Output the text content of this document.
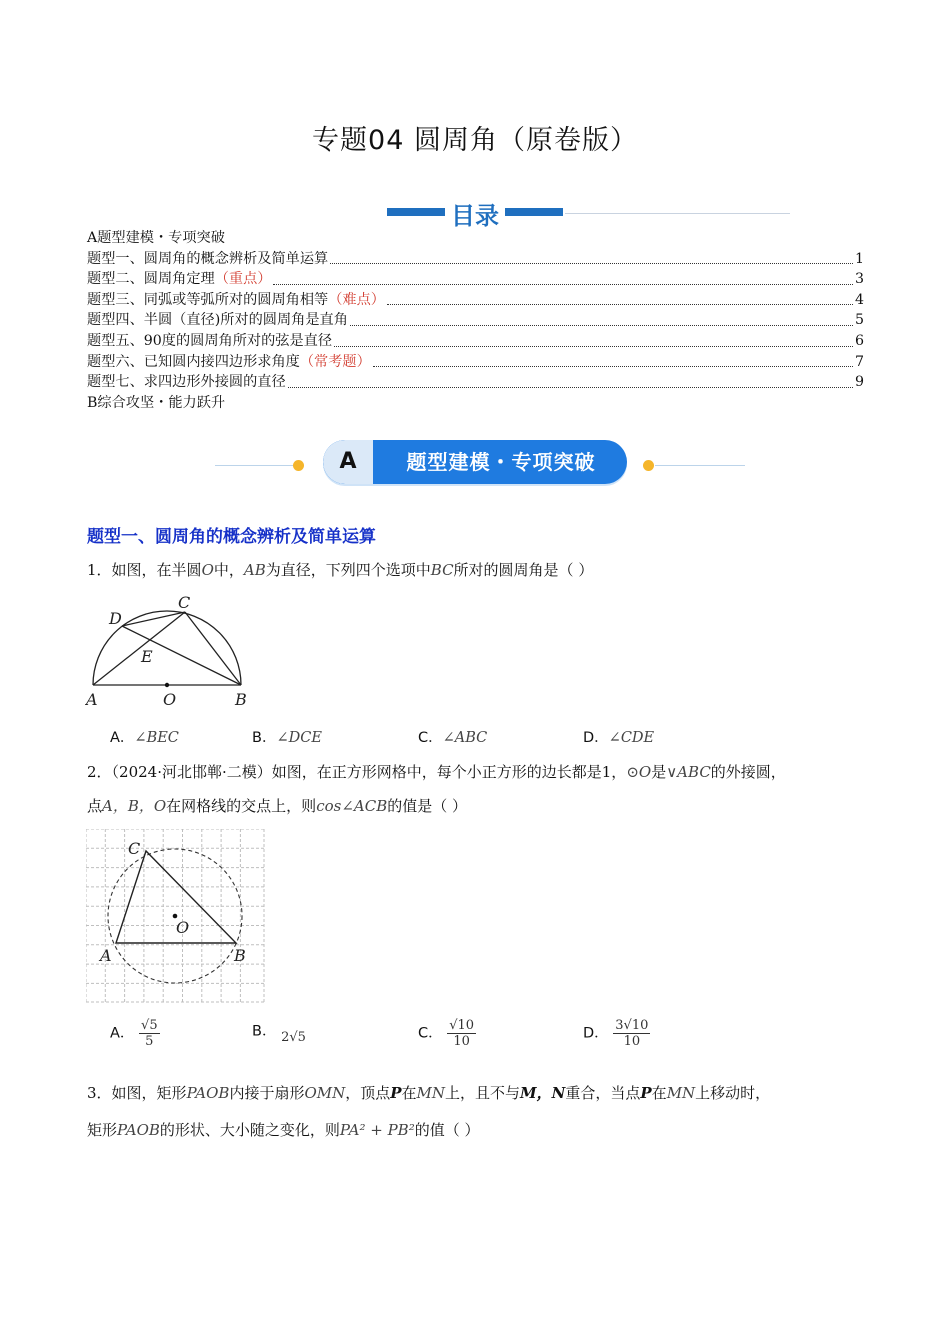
专题04 圆周角（原卷版）
目录
A题型建模・专项突破
题型一、圆周角的概念辨析及简单运算	1
题型二、圆周角定理 （重点）	3
题型三、同弧或等弧所对的圆周角相等 （难点）	4
题型四、半圆（直径)所对的圆周角是直角	5
题型五、90度的圆周角所对的弦是直径	6
题型六、已知圆内接四边形求角度 （常考题）	7
题型七、求四边形外接圆的直径	9
B综合攻坚・能力跃升
A	题型建模・专项突破
题型一、圆周角的概念辨析及简单运算
1．如图，在半圆O中，AB为直径，下列四个选项中BC所对的圆周角是（ ）
A	B
C
D
E
O
A．∠BEC	B．∠DCE	C．∠ABC	D．∠CDE
2．（2024·河北邯郸·二模）如图，在正方形网格中，每个小正方形的边长都是1，⊙O是∨ABC的外接圆，
点A，B，O在网格线的交点上，则cos∠ACB的值是（ ）
A	B
C
O
A． $\frac{√5}{5}$	B． 2√5	C． $\frac{√10}{10}$	D． $\frac{3√10}{10}$
3．如图，矩形PAOB内接于扇形OMN，顶点P在MN上，且不与M，N重合，当点P在MN上移动时，
矩形PAOB的形状、大小随之变化，则PA² + PB²的值（ ）
